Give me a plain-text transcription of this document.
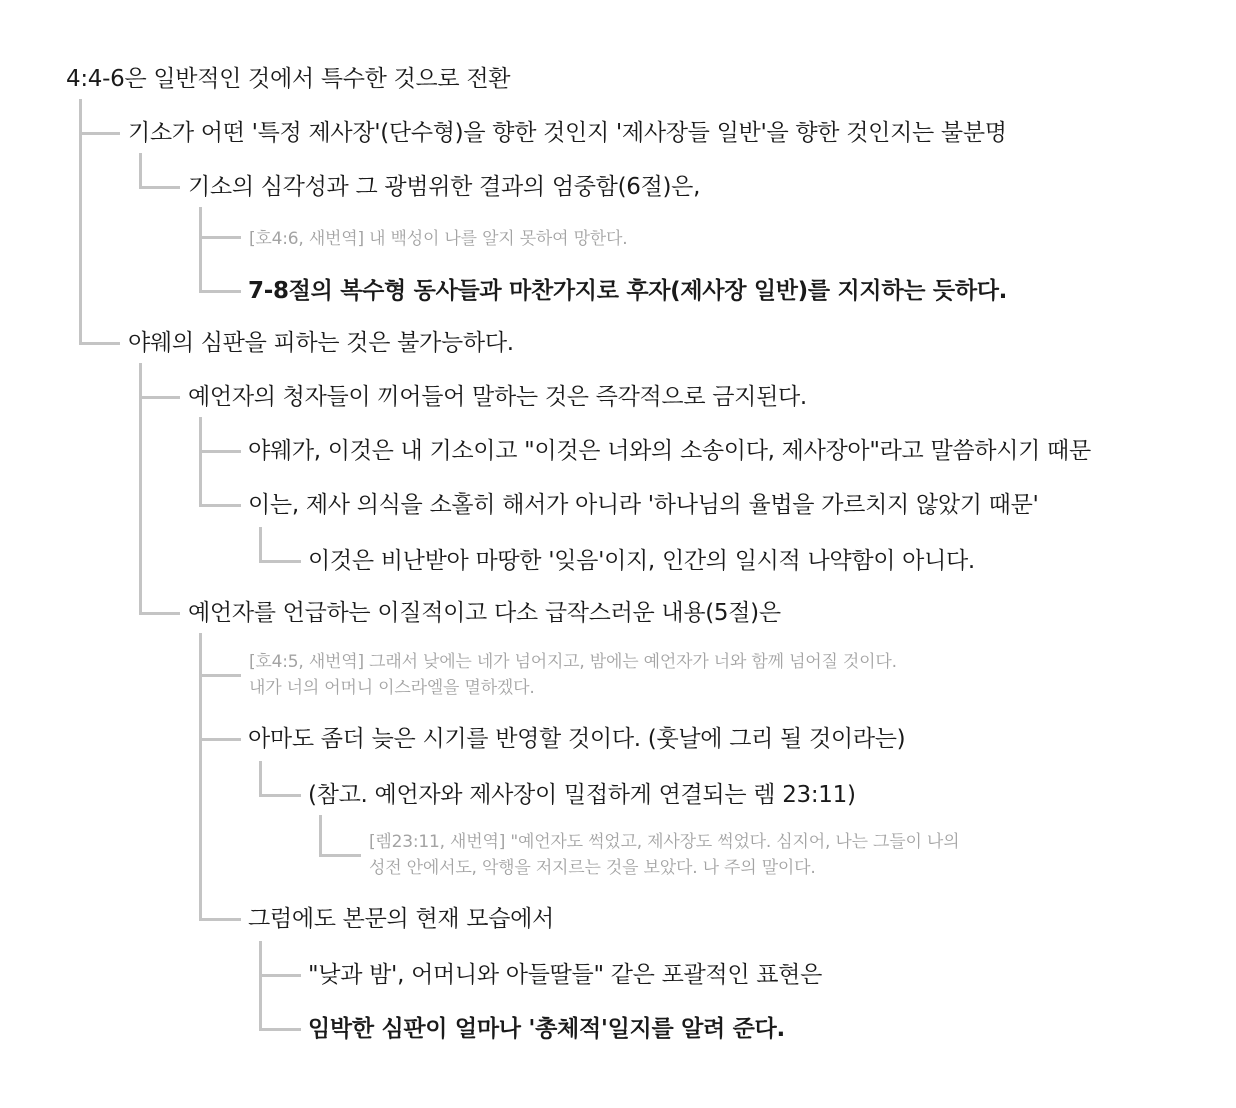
4:4-6은 일반적인 것에서 특수한 것으로 전환
기소가 어떤 '특정 제사장'(단수형)을 향한 것인지 '제사장들 일반'을 향한 것인지는 불분명
기소의 심각성과 그 광범위한 결과의 엄중함(6절)은,
[호4:6, 새번역] 내 백성이 나를 알지 못하여 망한다.
7-8절의 복수형 동사들과 마찬가지로 후자(제사장 일반)를 지지하는 듯하다.
야웨의 심판을 피하는 것은 불가능하다.
예언자의 청자들이 끼어들어 말하는 것은 즉각적으로 금지된다.
야웨가, 이것은 내 기소이고 "이것은 너와의 소송이다, 제사장아"라고 말씀하시기 때문
이는, 제사 의식을 소홀히 해서가 아니라 '하나님의 율법을 가르치지 않았기 때문'
이것은 비난받아 마땅한 '잊음'이지, 인간의 일시적 나약함이 아니다.
예언자를 언급하는 이질적이고 다소 급작스러운 내용(5절)은
[호4:5, 새번역] 그래서 낮에는 네가 넘어지고, 밤에는 예언자가 너와 함께 넘어질 것이다.
내가 너의 어머니 이스라엘을 멸하겠다.
아마도 좀더 늦은 시기를 반영할 것이다. (훗날에 그리 될 것이라는)
(참고. 예언자와 제사장이 밀접하게 연결되는 렘 23:11)
[렘23:11, 새번역] "예언자도 썩었고, 제사장도 썩었다. 심지어, 나는 그들이 나의
성전 안에서도, 악행을 저지르는 것을 보았다. 나 주의 말이다.
그럼에도 본문의 현재 모습에서
"낮과 밤', 어머니와 아들딸들" 같은 포괄적인 표현은
임박한 심판이 얼마나 '총체적'일지를 알려 준다.
